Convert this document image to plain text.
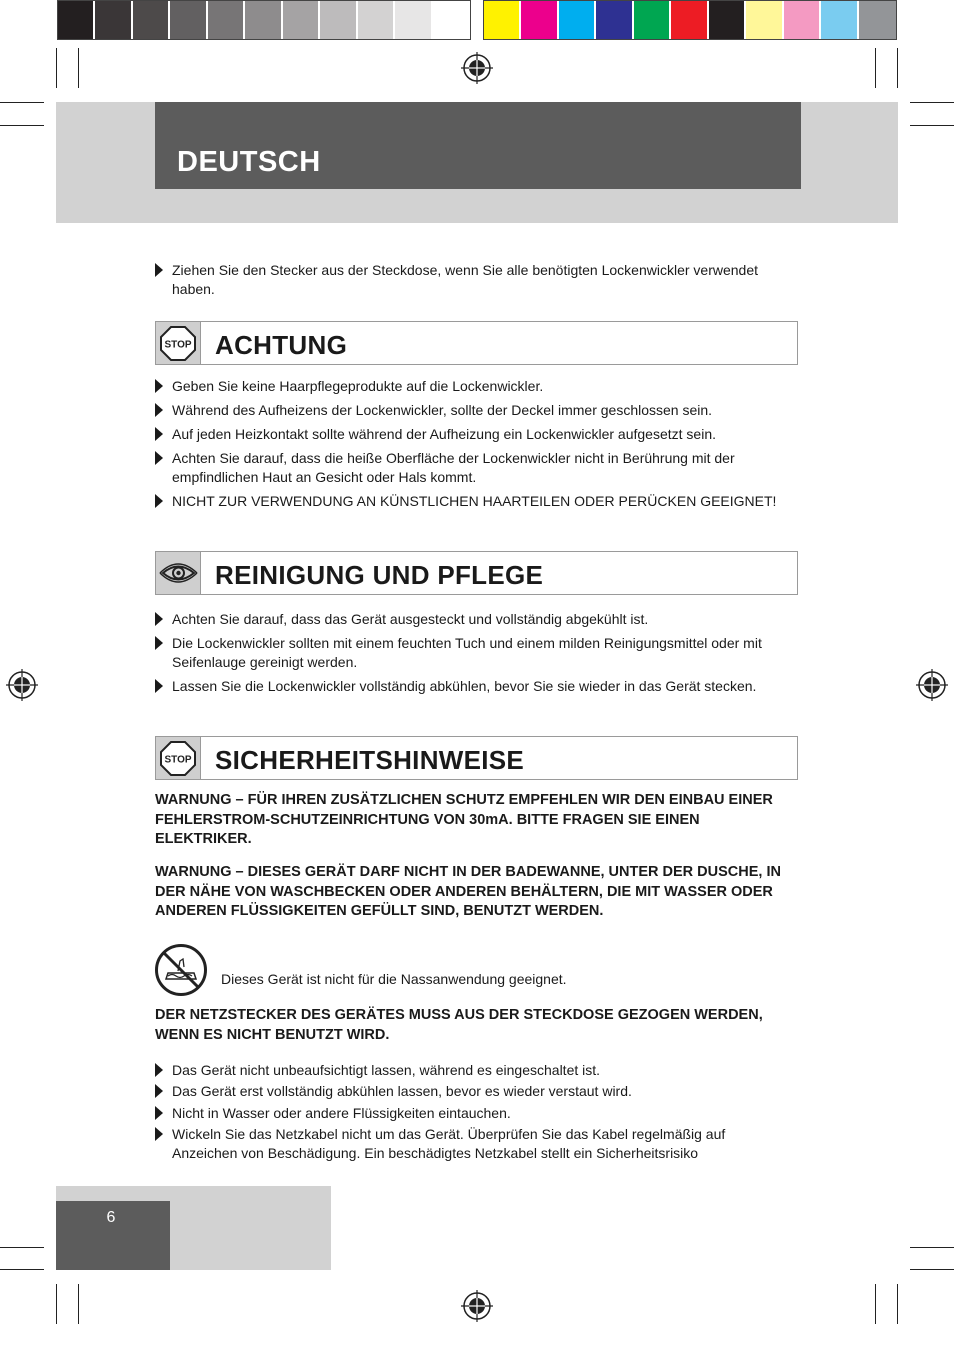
DEUTSCH
Ziehen Sie den Stecker aus der Steckdose, wenn Sie alle benötigten Lockenwickler verwendet haben.
STOP ACHTUNG
Geben Sie keine Haarpflegeprodukte auf die Lockenwickler.
Während des Aufheizens der Lockenwickler, sollte der Deckel immer geschlossen sein.
Auf jeden Heizkontakt sollte während der Aufheizung ein Lockenwickler aufgesetzt sein.
Achten Sie darauf, dass die heiße Oberfläche der Lockenwickler nicht in Berührung mit der empfindlichen Haut an Gesicht oder Hals kommt.
NICHT ZUR VERWENDUNG AN KÜNSTLICHEN HAARTEILEN ODER PERÜCKEN GEEIGNET!
REINIGUNG UND PFLEGE
Achten Sie darauf, dass das Gerät ausgesteckt und vollständig abgekühlt ist.
Die Lockenwickler sollten mit einem feuchten Tuch und einem milden Reinigungsmittel oder mit Seifenlauge gereinigt werden.
Lassen Sie die Lockenwickler vollständig abkühlen, bevor Sie sie wieder in das Gerät stecken.
STOP SICHERHEITSHINWEISE
WARNUNG – FÜR IHREN ZUSÄTZLICHEN SCHUTZ EMPFEHLEN WIR DEN EINBAU EINER FEHLERSTROM-SCHUTZEINRICHTUNG VON 30mA. BITTE FRAGEN SIE EINEN ELEKTRIKER.
WARNUNG – DIESES GERÄT DARF NICHT IN DER BADEWANNE, UNTER DER DUSCHE, IN DER NÄHE VON WASCHBECKEN ODER ANDEREN BEHÄLTERN, DIE MIT WASSER ODER ANDEREN FLÜSSIGKEITEN GEFÜLLT SIND, BENUTZT WERDEN.
Dieses Gerät ist nicht für die Nassanwendung geeignet.
DER NETZSTECKER DES GERÄTES MUSS AUS DER STECKDOSE GEZOGEN WERDEN, WENN ES NICHT BENUTZT WIRD.
Das Gerät nicht unbeaufsichtigt lassen, während es eingeschaltet ist.
Das Gerät erst vollständig abkühlen lassen, bevor es wieder verstaut wird.
Nicht in Wasser oder andere Flüssigkeiten eintauchen.
Wickeln Sie das Netzkabel nicht um das Gerät. Überprüfen Sie das Kabel regelmäßig auf Anzeichen von Beschädigung. Ein beschädigtes Netzkabel stellt ein Sicherheitsrisiko
6
